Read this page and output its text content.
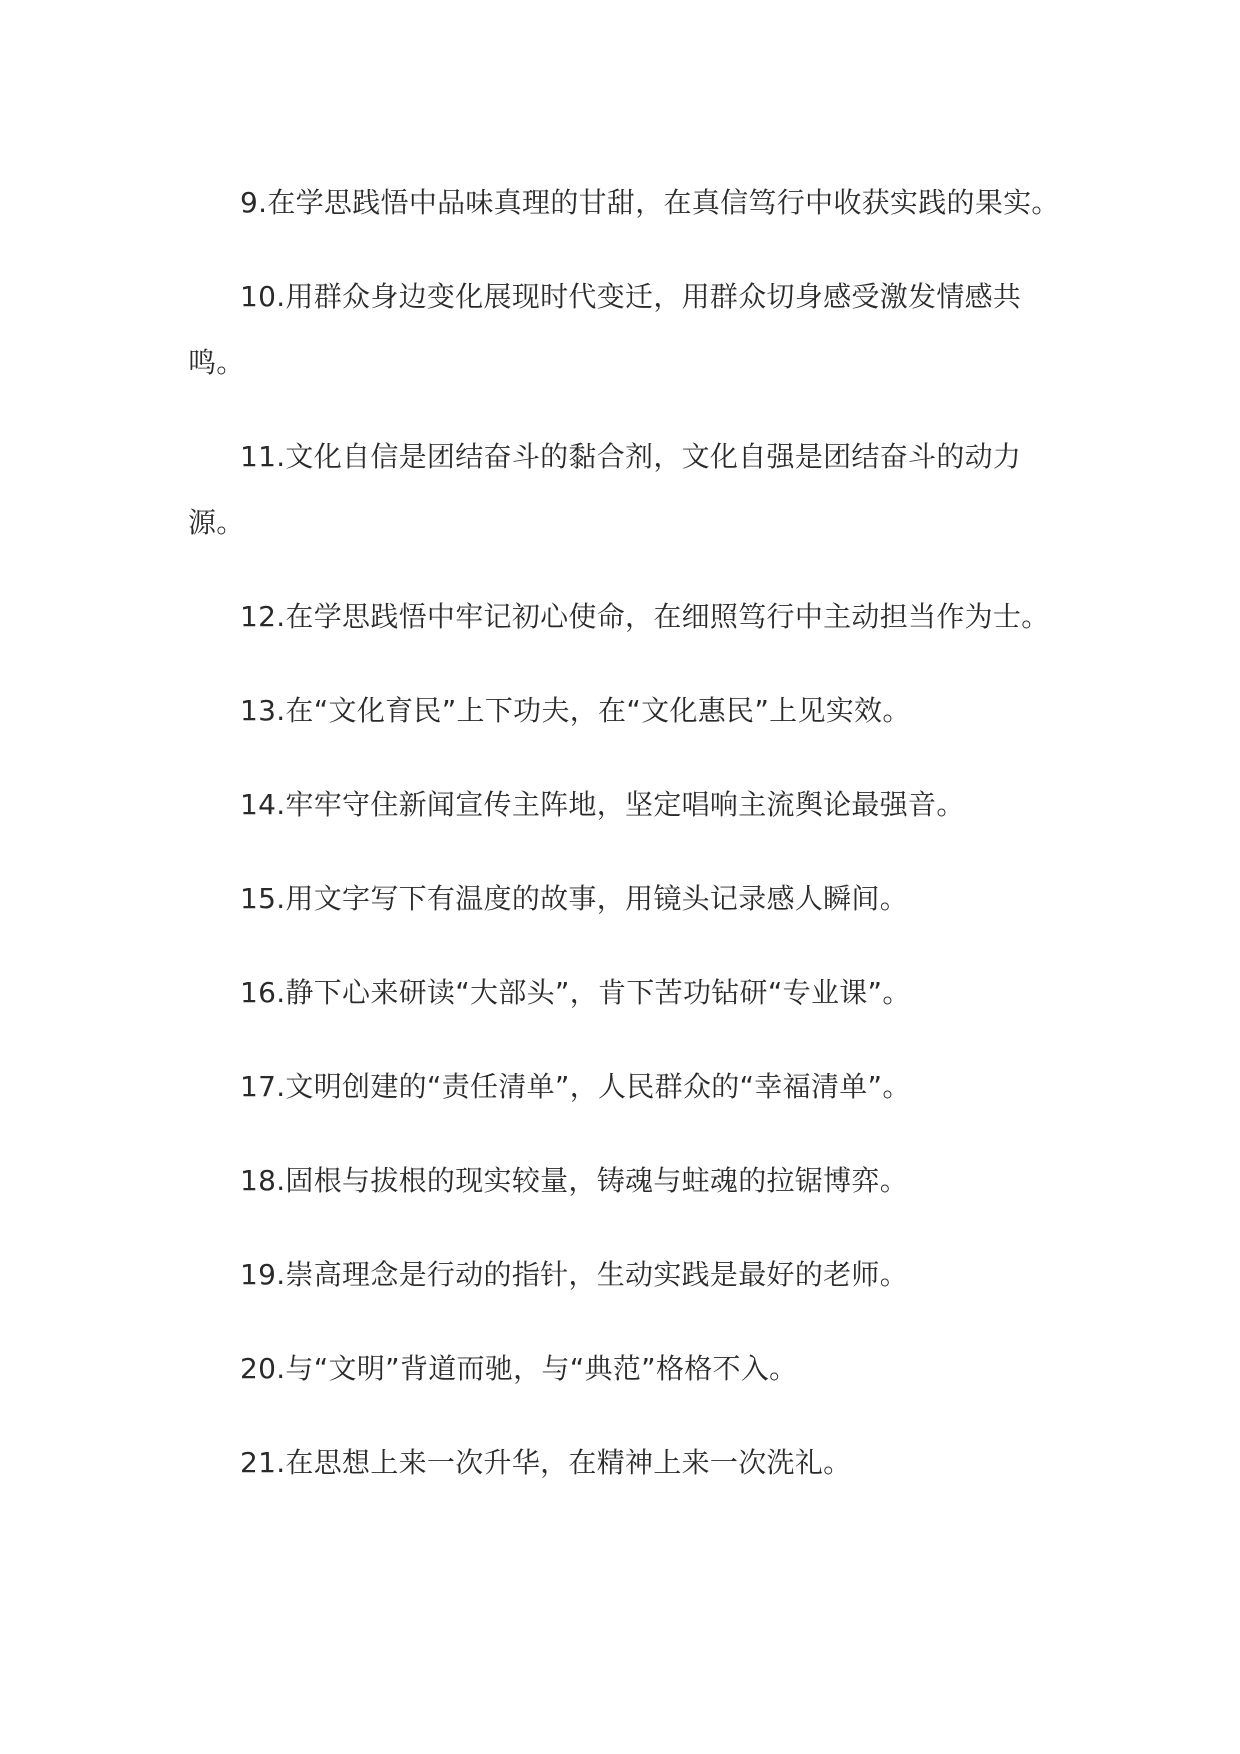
9.在学思践悟中品味真理的甘甜，在真信笃行中收获实践的果实。

10.用群众身边变化展现时代变迁，用群众切身感受激发情感共鸣。

11.文化自信是团结奋斗的黏合剂，文化自强是团结奋斗的动力源。

12.在学思践悟中牢记初心使命，在细照笃行中主动担当作为士。

13.在“文化育民”上下功夫，在“文化惠民”上见实效。

14.牢牢守住新闻宣传主阵地，坚定唱响主流舆论最强音。

15.用文字写下有温度的故事，用镜头记录感人瞬间。

16.静下心来研读“大部头”，肯下苦功钻研“专业课”。

17.文明创建的“责任清单”，人民群众的“幸福清单”。

18.固根与拔根的现实较量，铸魂与蛀魂的拉锯博弈。

19.崇高理念是行动的指针，生动实践是最好的老师。

20.与“文明”背道而驰，与“典范”格格不入。

21.在思想上来一次升华，在精神上来一次洗礼。
